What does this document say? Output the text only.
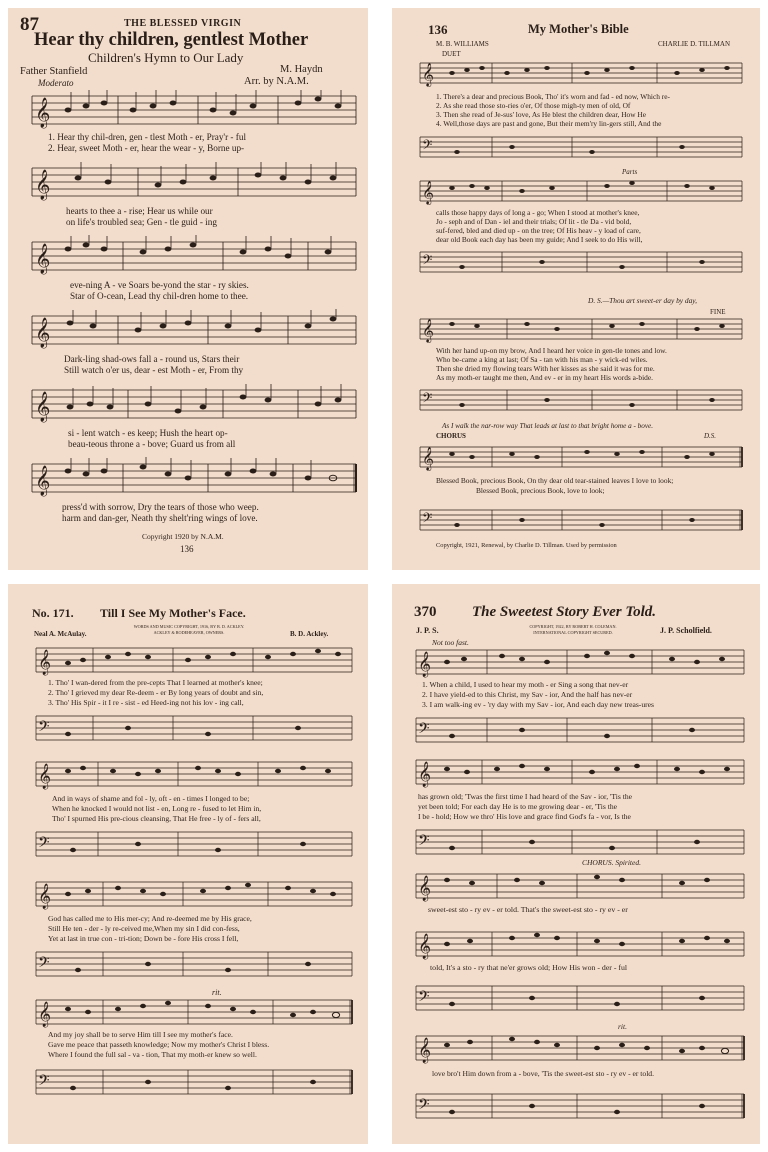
87	THE BLESSED VIRGIN
Hear thy children, gentlest Mother
Children's Hymn to Our Lady
Father Stanfield	M. Haydn
Arr. by N.A.M.
Moderato
𝄞
1. Hear thy chil-dren, gen - tlest Moth - er, Pray'r - ful
2. Hear, sweet Moth - er, hear the wear - y, Borne up-
𝄞
hearts to thee a - rise; Hear us while our
on life's troubled sea; Gen - tle guid - ing
𝄞
eve-ning A - ve Soars be-yond the star - ry skies.
Star of O-cean, Lead thy chil-dren home to thee.
𝄞
Dark-ling shad-ows fall a - round us, Stars their
Still watch o'er us, dear - est Moth - er, From thy
𝄞
si - lent watch - es keep; Hush the heart op-
beau-teous throne a - bove; Guard us from all
𝄞
press'd with sorrow, Dry the tears of those who weep.
harm and dan-ger, Neath thy shelt'ring wings of love.
Copyright 1920 by N.A.M.
136
136	My Mother's Bible
M. B. WILLIAMS	CHARLIE D. TILLMAN
DUET
𝄞
1. There's a dear and precious Book, Tho' it's worn and fad - ed now, Which re-
2. As she read those sto-ries o'er, Of those migh-ty men of old, Of
3. Then she read of Je-sus' love, As He blest the children dear, How He
4. Well,those days are past and gone, But their mem'ry lin-gers still, And the
𝄢
Parts
𝄞
calls those happy days of long a - go; When I stood at mother's knee,
Jo - seph and of Dan - iel and their trials; Of lit - tle Da - vid bold,
suf-fered, bled and died up - on the tree; Of His heav - y load of care,
dear old Book each day has been my guide; And I seek to do His will,
𝄢
D. S.—Thou art sweet-er day by day,
FINE
𝄞
With her hand up-on my brow, And I heard her voice in gen-tle tones and low.
Who be-came a king at last; Of Sa - tan with his man - y wick-ed wiles.
Then she dried my flowing tears With her kisses as she said it was for me.
As my moth-er taught me then, And ev - er in my heart His words a-bide.
𝄢
As I walk the nar-row way That leads at last to that bright home a - bove.
CHORUS	D.S.
𝄞
Blessed Book, precious Book, On thy dear old tear-stained leaves I love to look;
Blessed Book, precious Book, love to look;
𝄢
Copyright, 1921, Renewal, by Charlie D. Tillman. Used by permission
No. 171. Till I See My Mother's Face.
WORDS AND MUSIC COPYRIGHT, 1916, BY B. D. ACKLEY. ACKLEY & RODEHEAVER, OWNERS.
Neal A. McAulay.	B. D. Ackley.
𝄞
1. Tho' I wan-dered from the pre-cepts That I learned at mother's knee;
2. Tho' I grieved my dear Re-deem - er By long years of doubt and sin,
3. Tho' His Spir - it I re - sist - ed Heed-ing not his lov - ing call,
𝄢
𝄞
And in ways of shame and fol - ly, oft - en - times I longed to be;
When he knocked I would not list - en, Long re - fused to let Him in,
Tho' I spurned His pre-cious cleansing, That He free - ly of - fers all,
𝄢
𝄞
God has called me to His mer-cy; And re-deemed me by His grace,
Still He ten - der - ly re-ceived me,When my sin I did con-fess,
Yet at last in true con - tri-tion; Down be - fore His cross I fell,
𝄢
rit.
𝄞
And my joy shall be to serve Him till I see my mother's face.
Gave me peace that passeth knowledge; Now my mother's Christ I bless.
Where I found the full sal - va - tion, That my moth-er knew so well.
𝄢
370 The Sweetest Story Ever Told.
J. P. S.	COPYRIGHT, 1922, BY ROBERT H. COLEMAN. INTERNATIONAL COPYRIGHT SECURED.	J. P. Scholfield.
Not too fast.
𝄞
1. When a child, I used to hear my moth - er Sing a song that nev-er
2. I have yield-ed to this Christ, my Sav - ior, And the half has nev-er
3. I am walk-ing ev - 'ry day with my Sav - ior, And each day new treas-ures
𝄢
𝄞
has grown old; 'Twas the first time I had heard of the Sav - ior, 'Tis the
yet been told; For each day He is to me growing dear - er, 'Tis the
I be - hold; How we thro' His love and grace find God's fa - vor, Is the
𝄢
CHORUS. Spirited.
𝄞
sweet-est sto - ry ev - er told. That's the sweet-est sto - ry ev - er
𝄞
told, It's a sto - ry that ne'er grows old; How His won - der - ful
𝄢
rit.
𝄞
love bro't Him down from a - bove, 'Tis the sweet-est sto - ry ev - er told.
𝄢
